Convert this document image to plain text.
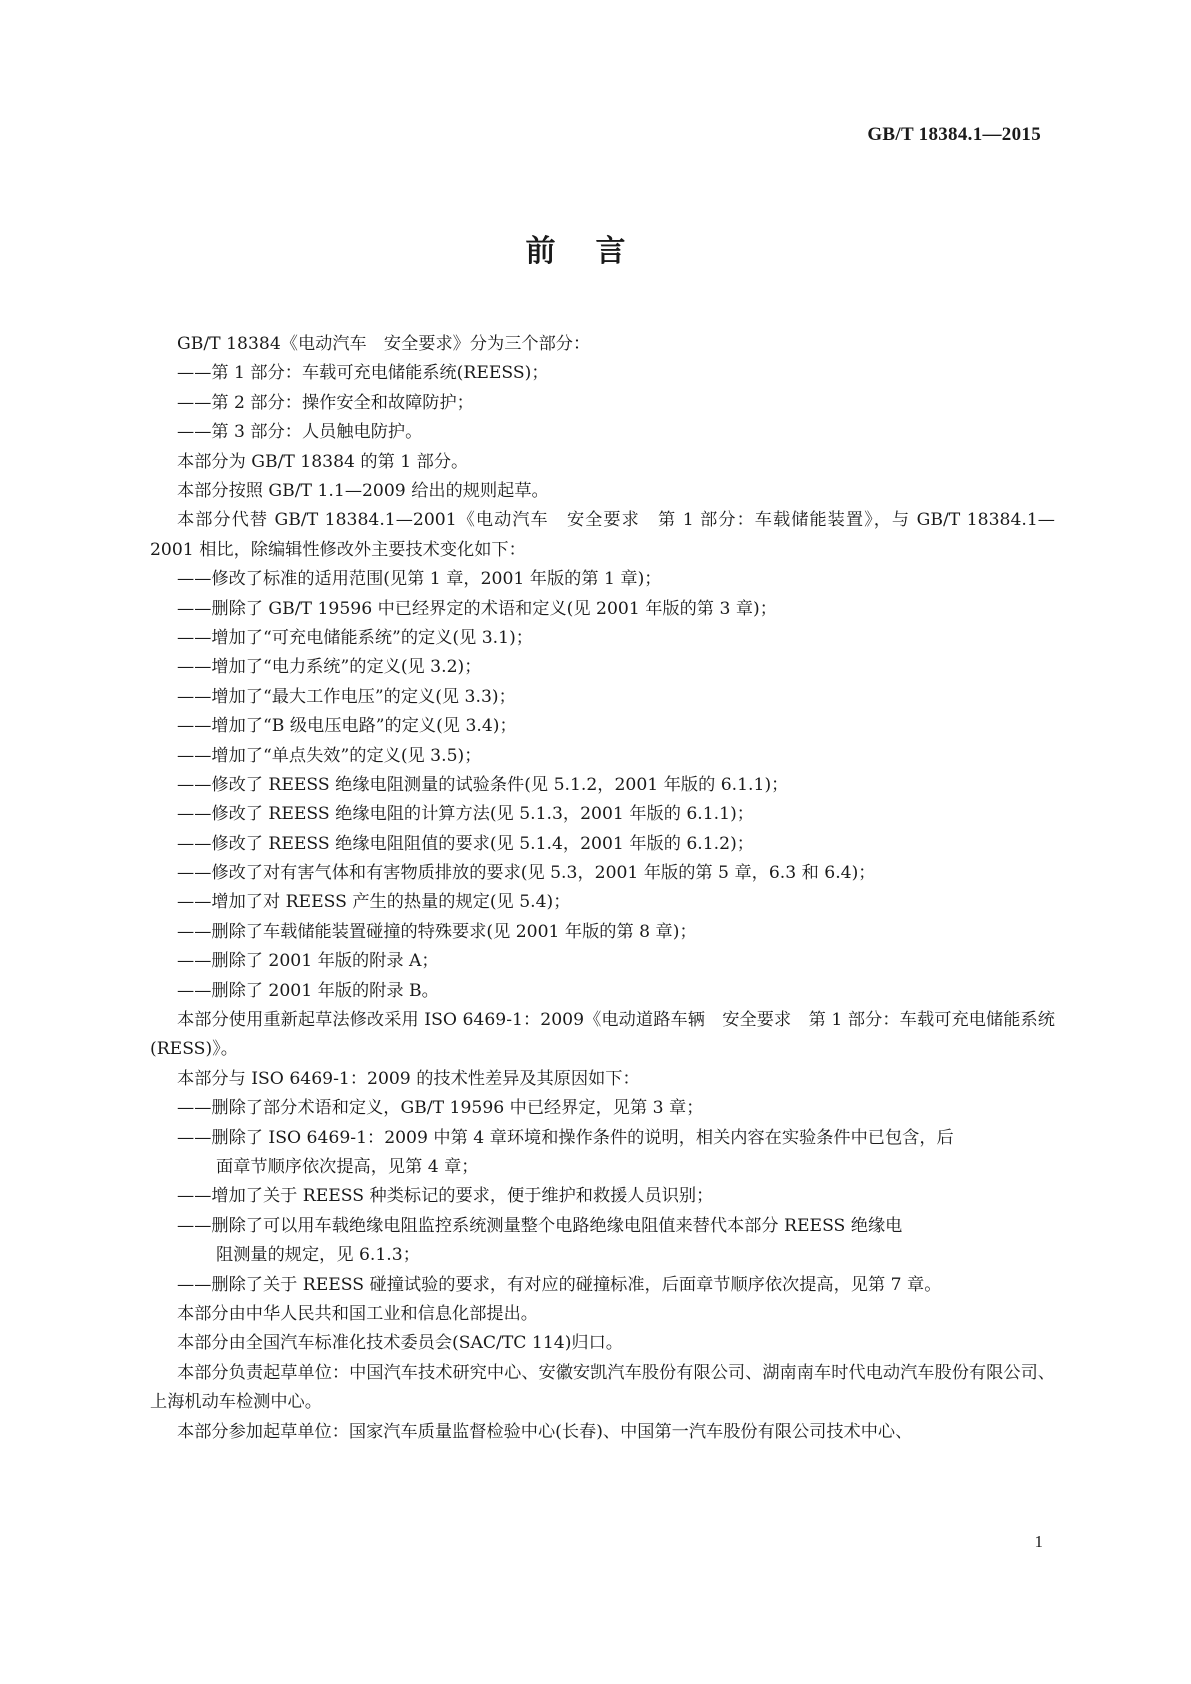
GB/T 18384.1—2015
前言
GB/T 18384《电动汽车　安全要求》分为三个部分：
——第 1 部分：车载可充电储能系统(REESS)；
——第 2 部分：操作安全和故障防护；
——第 3 部分：人员触电防护。
本部分为 GB/T 18384 的第 1 部分。
本部分按照 GB/T 1.1—2009 给出的规则起草。
本部分代替 GB/T 18384.1—2001《电动汽车　安全要求　第 1 部分：车载储能装置》，与 GB/T 18384.1—2001 相比，除编辑性修改外主要技术变化如下：
——修改了标准的适用范围(见第 1 章，2001 年版的第 1 章)；
——删除了 GB/T 19596 中已经界定的术语和定义(见 2001 年版的第 3 章)；
——增加了“可充电储能系统”的定义(见 3.1)；
——增加了“电力系统”的定义(见 3.2)；
——增加了“最大工作电压”的定义(见 3.3)；
——增加了“B 级电压电路”的定义(见 3.4)；
——增加了“单点失效”的定义(见 3.5)；
——修改了 REESS 绝缘电阻测量的试验条件(见 5.1.2，2001 年版的 6.1.1)；
——修改了 REESS 绝缘电阻的计算方法(见 5.1.3，2001 年版的 6.1.1)；
——修改了 REESS 绝缘电阻阻值的要求(见 5.1.4，2001 年版的 6.1.2)；
——修改了对有害气体和有害物质排放的要求(见 5.3，2001 年版的第 5 章，6.3 和 6.4)；
——增加了对 REESS 产生的热量的规定(见 5.4)；
——删除了车载储能装置碰撞的特殊要求(见 2001 年版的第 8 章)；
——删除了 2001 年版的附录 A；
——删除了 2001 年版的附录 B。
本部分使用重新起草法修改采用 ISO 6469-1：2009《电动道路车辆　安全要求　第 1 部分：车载可充电储能系统(RESS)》。
本部分与 ISO 6469-1：2009 的技术性差异及其原因如下：
——删除了部分术语和定义，GB/T 19596 中已经界定，见第 3 章；
——删除了 ISO 6469-1：2009 中第 4 章环境和操作条件的说明，相关内容在实验条件中已包含，后
面章节顺序依次提高，见第 4 章；
——增加了关于 REESS 种类标记的要求，便于维护和救援人员识别；
——删除了可以用车载绝缘电阻监控系统测量整个电路绝缘电阻值来替代本部分 REESS 绝缘电
阻测量的规定，见 6.1.3；
——删除了关于 REESS 碰撞试验的要求，有对应的碰撞标准，后面章节顺序依次提高，见第 7 章。
本部分由中华人民共和国工业和信息化部提出。
本部分由全国汽车标准化技术委员会(SAC/TC 114)归口。
本部分负责起草单位：中国汽车技术研究中心、安徽安凯汽车股份有限公司、湖南南车时代电动汽车股份有限公司、上海机动车检测中心。
本部分参加起草单位：国家汽车质量监督检验中心(长春)、中国第一汽车股份有限公司技术中心、
1
